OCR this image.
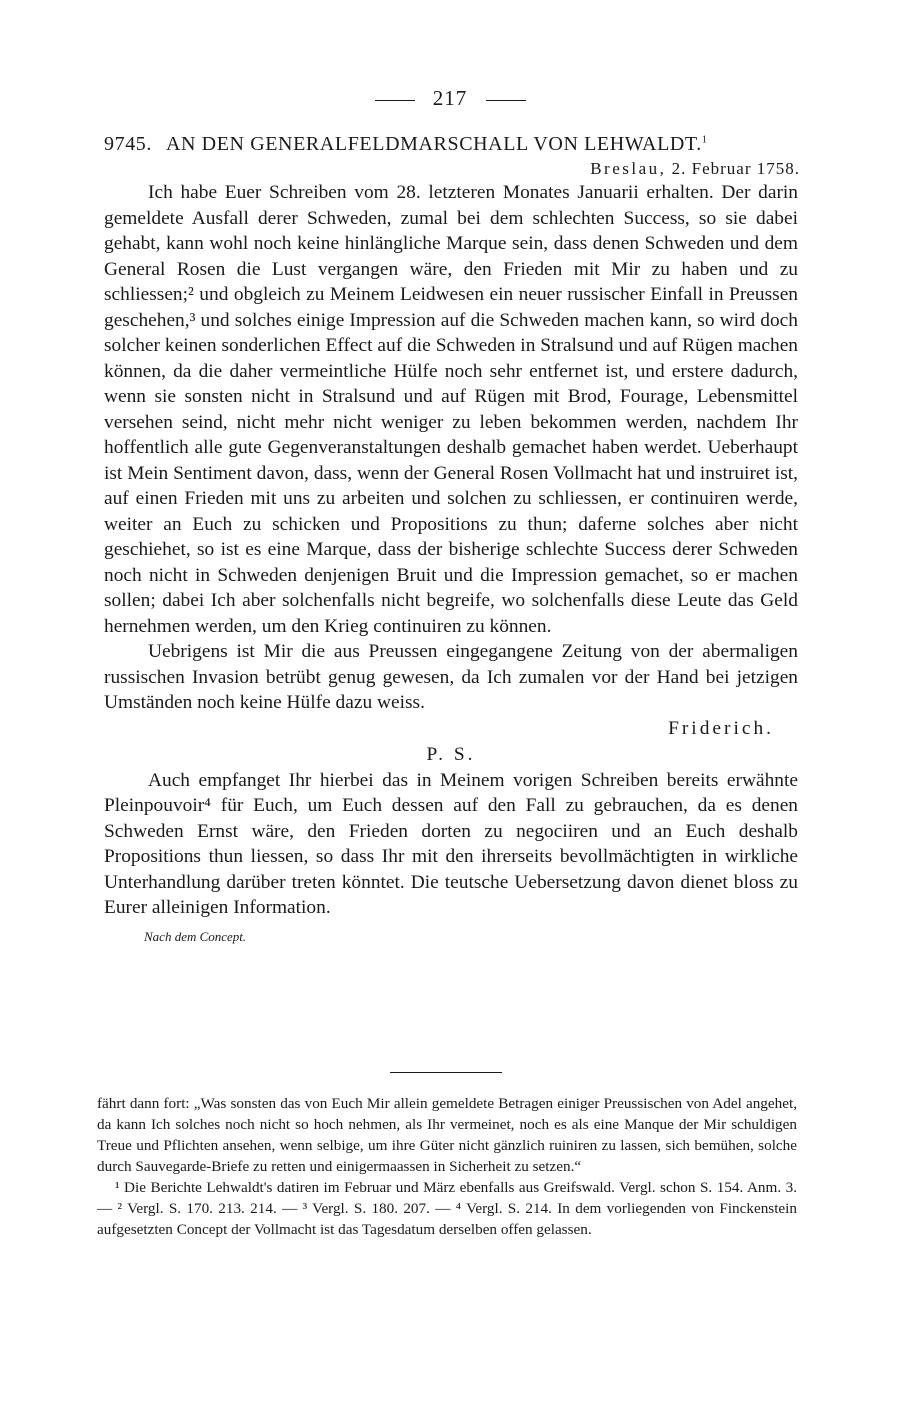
217
9745. AN DEN GENERALFELDMARSCHALL VON LEHWALDT.$^1$
Breslau, 2. Februar 1758.

Ich habe Euer Schreiben vom 28. letzteren Monates Januarii erhalten. Der darin gemeldete Ausfall derer Schweden, zumal bei dem schlechten Success, so sie dabei gehabt, kann wohl noch keine hinlängliche Marque sein, dass denen Schweden und dem General Rosen die Lust vergangen wäre, den Frieden mit Mir zu haben und zu schliessen;² und obgleich zu Meinem Leidwesen ein neuer russischer Einfall in Preussen geschehen,³ und solches einige Impression auf die Schweden machen kann, so wird doch solcher keinen sonderlichen Effect auf die Schweden in Stralsund und auf Rügen machen können, da die daher vermeintliche Hülfe noch sehr entfernet ist, und erstere dadurch, wenn sie sonsten nicht in Stralsund und auf Rügen mit Brod, Fourage, Lebensmittel versehen seind, nicht mehr nicht weniger zu leben bekommen werden, nachdem Ihr hoffentlich alle gute Gegenveranstaltungen deshalb gemachet haben werdet. Ueberhaupt ist Mein Sentiment davon, dass, wenn der General Rosen Vollmacht hat und instruiret ist, auf einen Frieden mit uns zu arbeiten und solchen zu schliessen, er continuiren werde, weiter an Euch zu schicken und Propositions zu thun; daferne solches aber nicht geschiehet, so ist es eine Marque, dass der bisherige schlechte Success derer Schweden noch nicht in Schweden denjenigen Bruit und die Impression gemachet, so er machen sollen; dabei Ich aber solchenfalls nicht begreife, wo solchenfalls diese Leute das Geld hernehmen werden, um den Krieg continuiren zu können.

Uebrigens ist Mir die aus Preussen eingegangene Zeitung von der abermaligen russischen Invasion betrübt genug gewesen, da Ich zumalen vor der Hand bei jetzigen Umständen noch keine Hülfe dazu weiss.

Friderich.
P. S.

Auch empfanget Ihr hierbei das in Meinem vorigen Schreiben bereits erwähnte Pleinpouvoir⁴ für Euch, um Euch dessen auf den Fall zu gebrauchen, da es denen Schweden Ernst wäre, den Frieden dorten zu negociiren und an Euch deshalb Propositions thun liessen, so dass Ihr mit den ihrerseits bevollmächtigten in wirkliche Unterhandlung darüber treten könntet. Die teutsche Uebersetzung davon dienet bloss zu Eurer alleinigen Information.

Nach dem Concept.

fährt dann fort: „Was sonsten das von Euch Mir allein gemeldete Betragen einiger Preussischen von Adel angehet, da kann Ich solches noch nicht so hoch nehmen, als Ihr vermeinet, noch es als eine Manque der Mir schuldigen Treue und Pflichten ansehen, wenn selbige, um ihre Güter nicht gänzlich ruiniren zu lassen, sich bemühen, solche durch Sauvegarde-Briefe zu retten und einigermaassen in Sicherheit zu setzen.“

¹ Die Berichte Lehwaldt's datiren im Februar und März ebenfalls aus Greifswald. Vergl. schon S. 154. Anm. 3. — ² Vergl. S. 170. 213. 214. — ³ Vergl. S. 180. 207. — ⁴ Vergl. S. 214. In dem vorliegenden von Finckenstein aufgesetzten Concept der Vollmacht ist das Tagesdatum derselben offen gelassen.
